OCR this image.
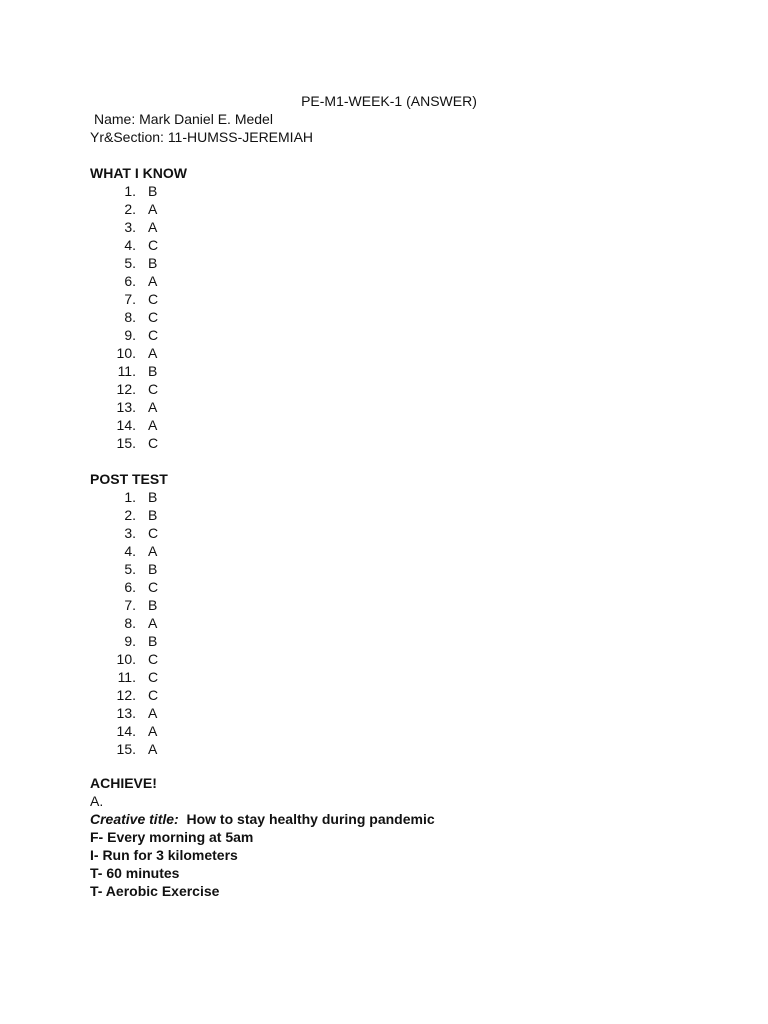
PE-M1-WEEK-1 (ANSWER)
Name: Mark Daniel E. Medel
Yr&Section: 11-HUMSS-JEREMIAH
WHAT I KNOW
1. B
2. A
3. A
4. C
5. B
6. A
7. C
8. C
9. C
10. A
11. B
12. C
13. A
14. A
15. C
POST TEST
1. B
2. B
3. C
4. A
5. B
6. C
7. B
8. A
9. B
10. C
11. C
12. C
13. A
14. A
15. A
ACHIEVE!
A.
Creative title: How to stay healthy during pandemic
F- Every morning at 5am
I- Run for 3 kilometers
T- 60 minutes
T- Aerobic Exercise
